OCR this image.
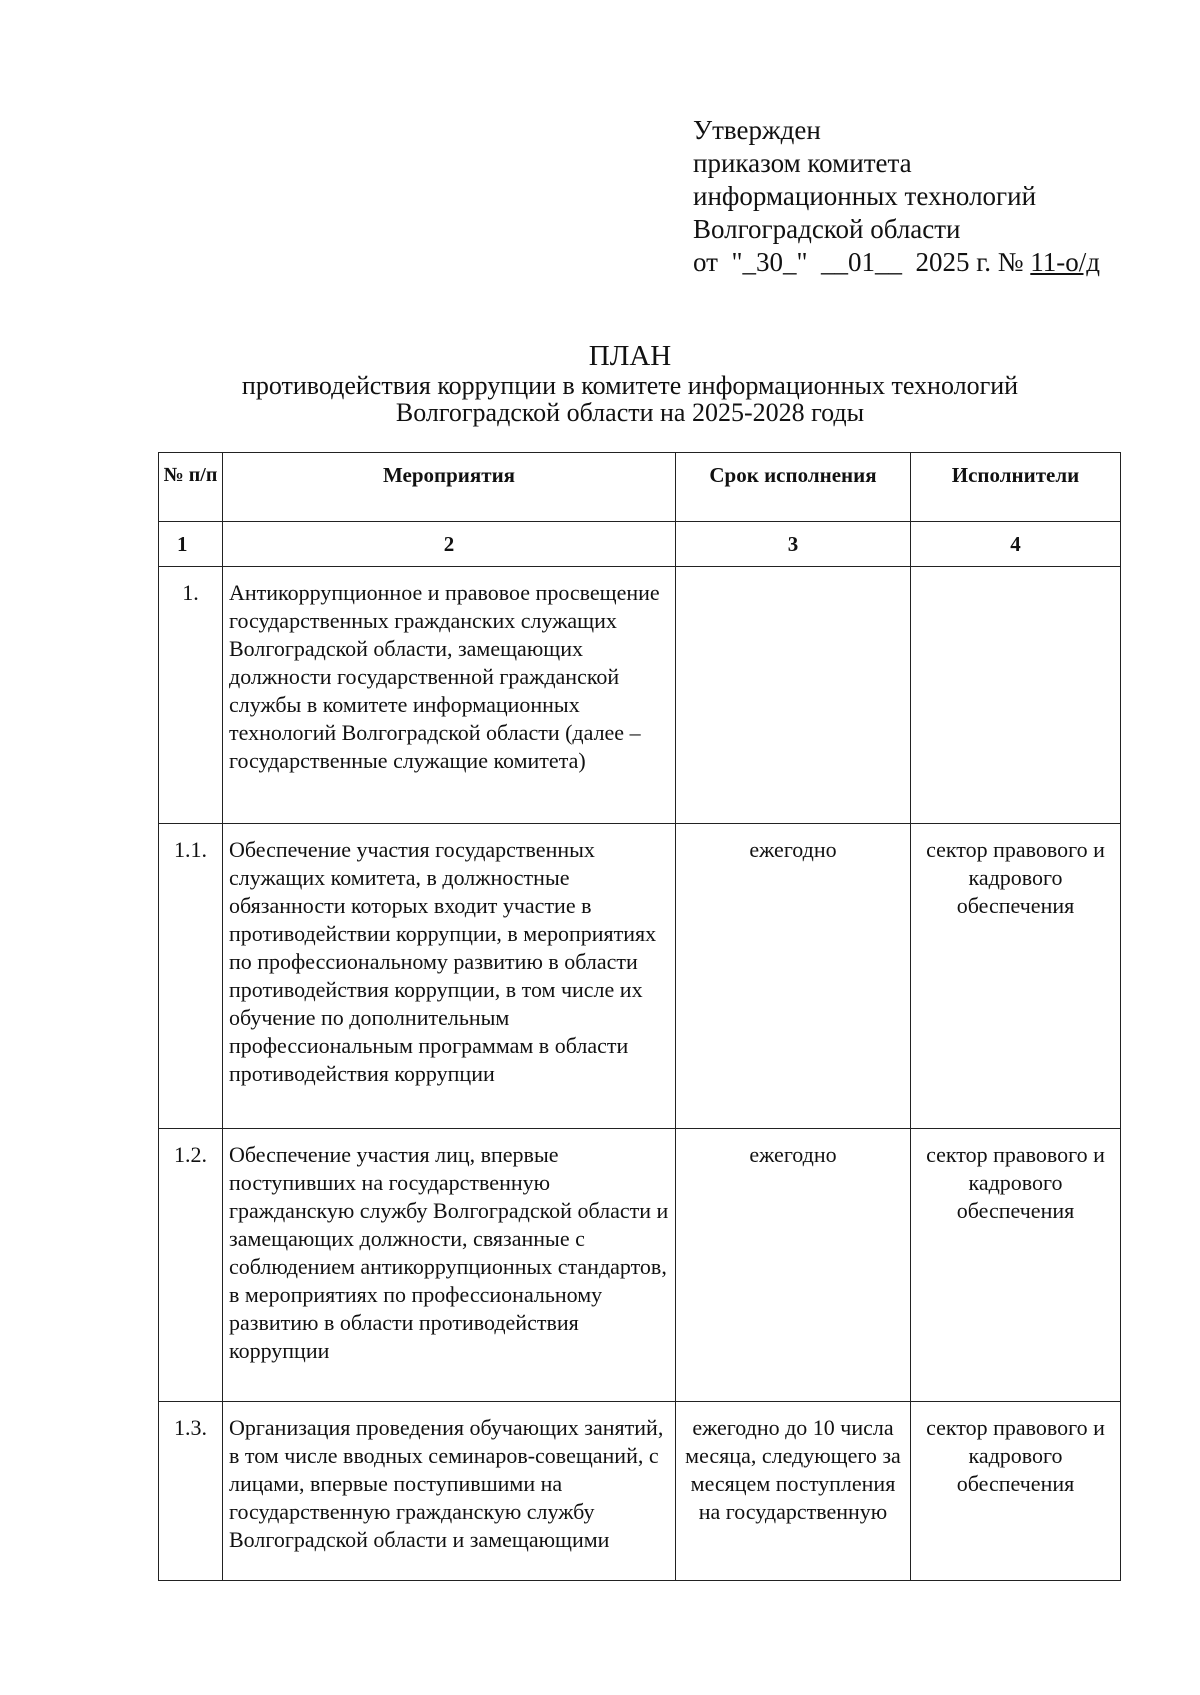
Утвержден
приказом комитета
информационных технологий
Волгоградской области
от "_30_" __01__ 2025 г. № 11-о/д
ПЛАН
противодействия коррупции в комитете информационных технологий
Волгоградской области на 2025-2028 годы
№ п/п	Мероприятия	Срок исполнения	Исполнители
1	2	3	4
1.	Антикоррупционное и правовое просвещение государственных гражданских служащих Волгоградской области, замещающих должности государственной гражданской службы в комитете информационных технологий Волгоградской области (далее – государственные служащие комитета)		
1.1.	Обеспечение участия государственных служащих комитета, в должностные обязанности которых входит участие в противодействии коррупции, в мероприятиях по профессиональному развитию в области противодействия коррупции, в том числе их обучение по дополнительным профессиональным программам в области противодействия коррупции	ежегодно	сектор правового и кадрового обеспечения
1.2.	Обеспечение участия лиц, впервые поступивших на государственную гражданскую службу Волгоградской области и замещающих должности, связанные с соблюдением антикоррупционных стандартов, в мероприятиях по профессиональному развитию в области противодействия коррупции	ежегодно	сектор правового и кадрового обеспечения
1.3.	Организация проведения обучающих занятий, в том числе вводных семинаров-совещаний, с лицами, впервые поступившими на государственную гражданскую службу Волгоградской области и замещающими	ежегодно до 10 числа месяца, следующего за месяцем поступления на государственную	сектор правового и кадрового обеспечения
